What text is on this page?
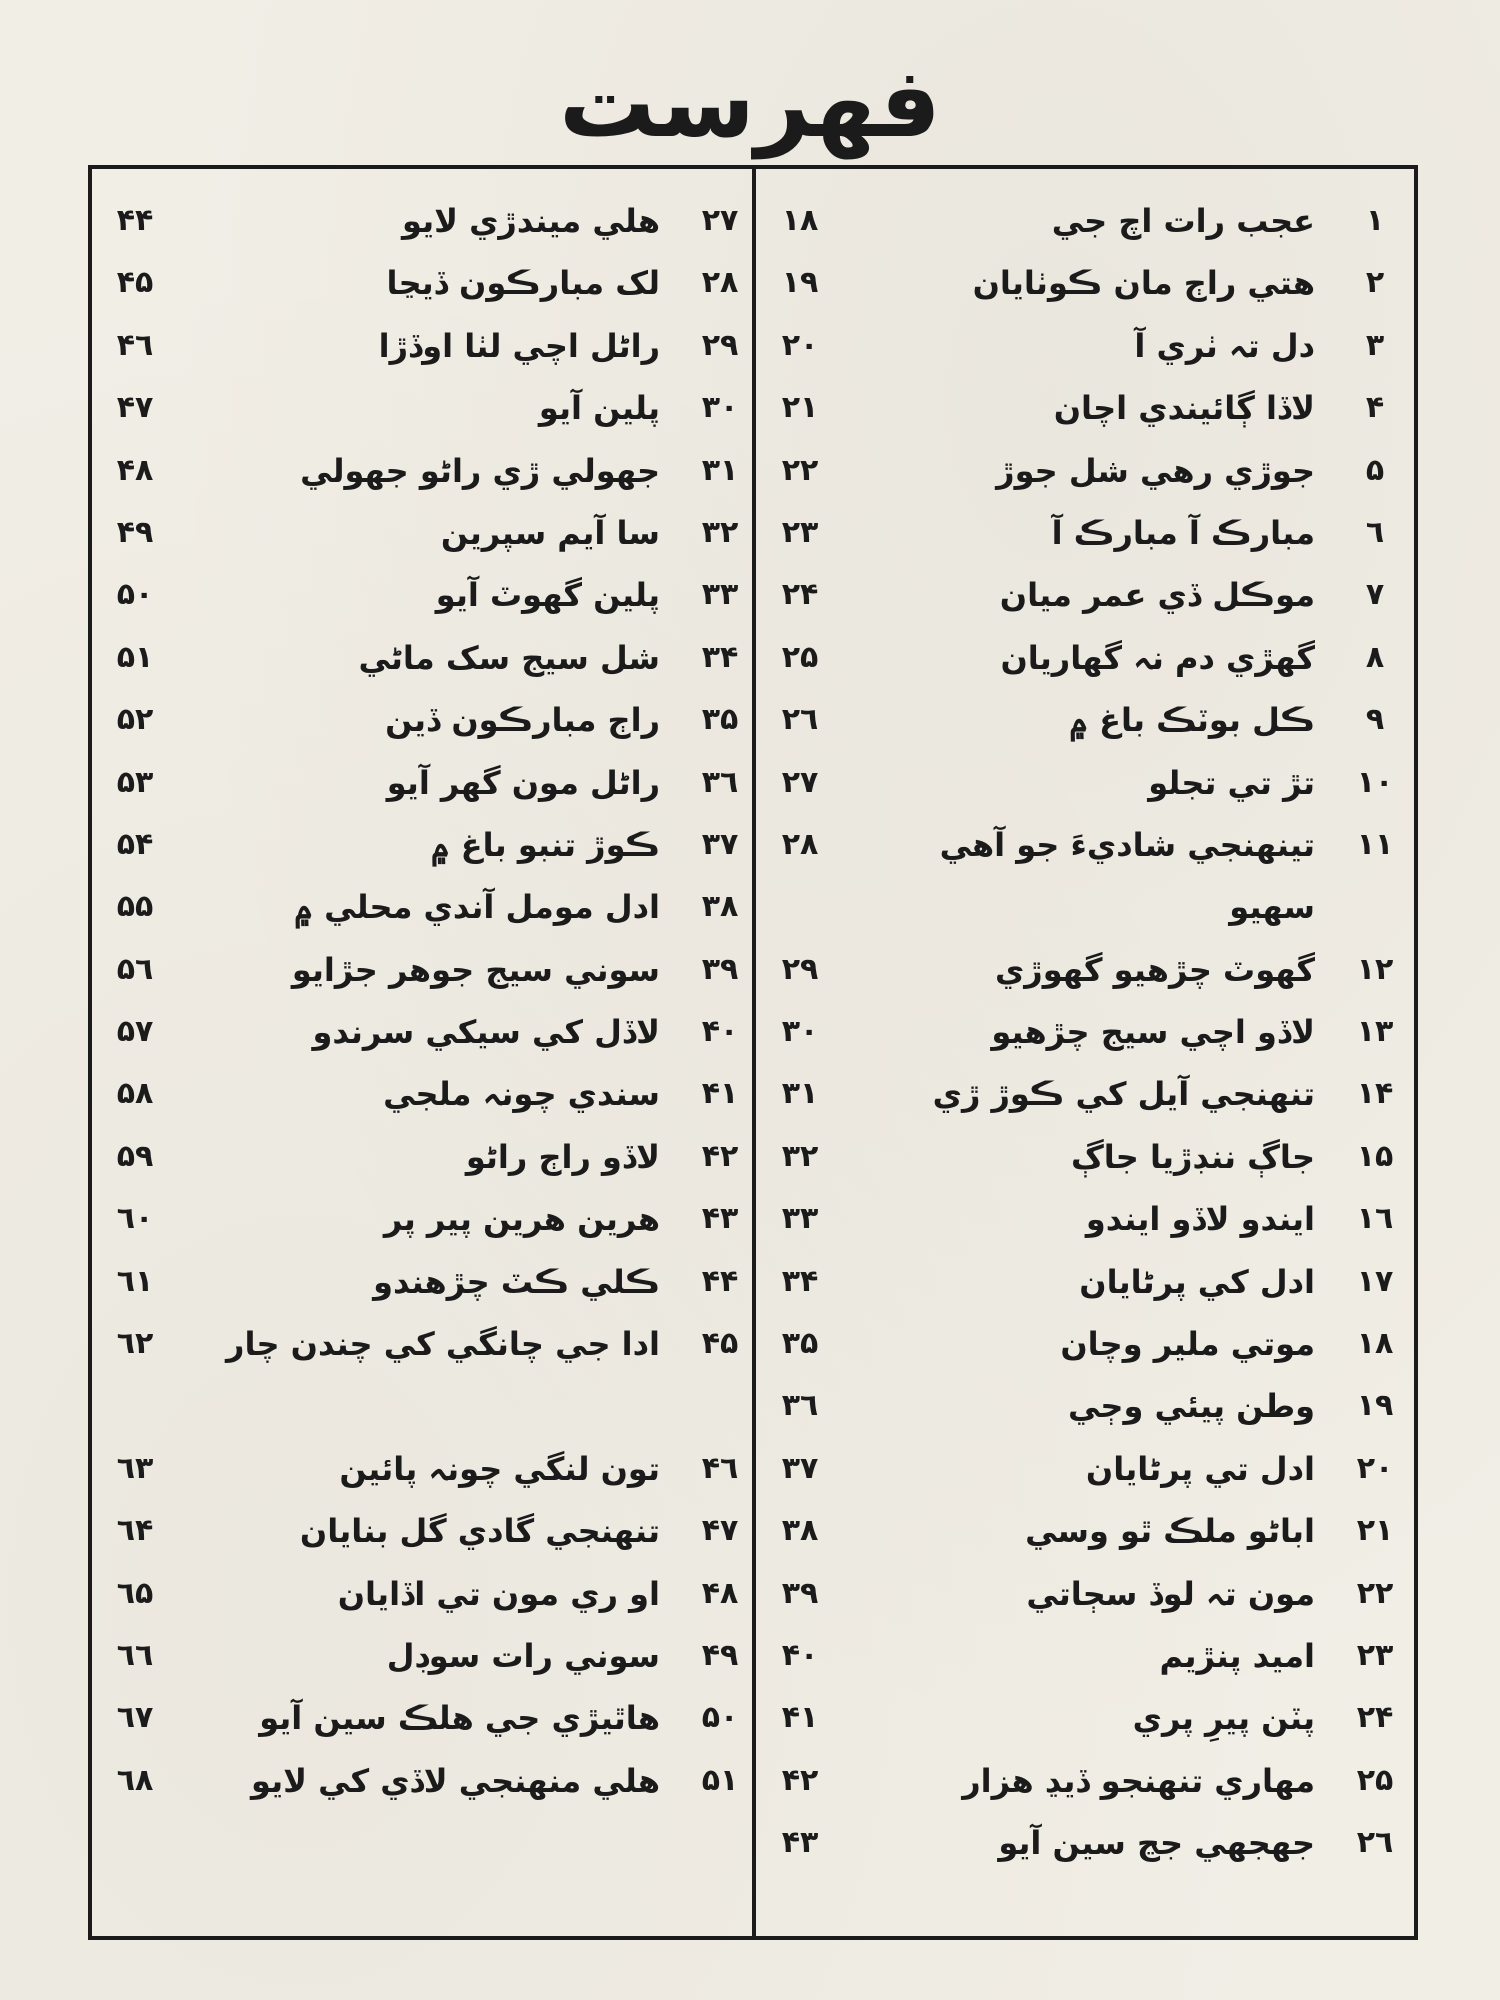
فهرست
١
عجب رات اچ جي
١٨
٢
هتي راڄ مان ڪوٺايان
١٩
٣
دل تہ ٺري آ
٢٠
۴
لاڏا ڳائيندي اچان
٢١
۵
جوڙي رهي شل جوڙ
٢٢
٦
مبارڪ آ مبارڪ آ
٢٣
٧
موڪل ڏي عمر ميان
٢۴
٨
گهڙي دم نہ گهاريان
٢۵
٩
ڪل بوٽڪ باغ ۾
٢٦
١٠
تڙ تي تجلو
٢٧
١١
تينهنجي شاديءَ جو آهي سهيو
٢٨
١٢
گهوٽ چڙهيو گهوڙي
٢٩
١٣
لاڏو اچي سيج چڙهيو
٣٠
١۴
تنهنجي آيل کي ڪوڙ ڙي
٣١
١۵
جاڳ ننڊڙيا جاڳ
٣٢
١٦
ايندو لاڏو ايندو
٣٣
١٧
ادل کي پرڻايان
٣۴
١٨
موتي ملير وچان
٣۵
١٩
وطن پيئي وڄي
٣٦
٢٠
ادل تي پرڻايان
٣٧
٢١
اباڻو ملڪ ٿو وسي
٣٨
٢٢
مون تہ لوڏ سڄاتي
٣٩
٢٣
اميد پنڙيم
۴٠
٢۴
پٽن پيرِ پري
۴١
٢۵
مهاري تنهنجو ڏيڍ هزار
۴٢
٢٦
جهجهي جڃ سين آيو
۴٣
٢٧
هلي ميندڙي لايو
۴۴
٢٨
لک مبارڪون ڏيڃا
۴۵
٢٩
راڻل اچي لٺا اوڏڙا
۴٦
٣٠
پلين آيو
۴٧
٣١
جهولي ڙي راڻو جهولي
۴٨
٣٢
سا آيم سپرين
۴٩
٣٣
پلين گهوٽ آيو
۵٠
٣۴
شل سيج سک ماڻي
۵١
٣۵
راڄ مبارڪون ڏين
۵٢
٣٦
راڻل مون گهر آيو
۵٣
٣٧
ڪوڙ تنبو باغ ۾
۵۴
٣٨
ادل مومل آندي محلي ۾
۵۵
٣٩
سوني سيج جوهر جڙايو
۵٦
۴٠
لاڏل کي سيکي سرندو
۵٧
۴١
سندي چونہ ملجي
۵٨
۴٢
لاڏو راڄ راڻو
۵٩
۴٣
هرين هرين پير پر
٦٠
۴۴
ڪلي ڪٽ چڙهندو
٦١
۴۵
ادا جي چانگي کي چندن چار
٦٢
۴٦
تون لنگي چونہ پائين
٦٣
۴٧
تنهنجي گادي گل بنايان
٦۴
۴٨
او ري مون تي اڏايان
٦۵
۴٩
سوني رات سوڊل
٦٦
۵٠
هاٿيڙي جي هلڪ سين آيو
٦٧
۵١
هلي منهنجي لاڏي کي لايو
٦٨
